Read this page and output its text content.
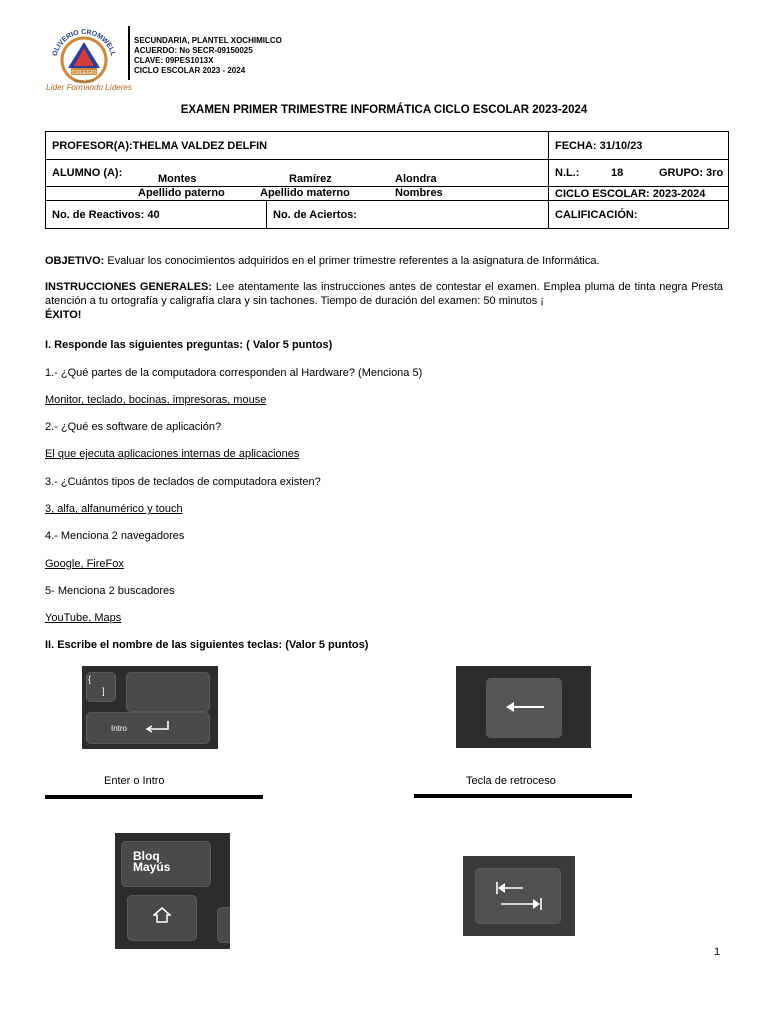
OLIVERIO CROMWELL
COLEGIO
Since 1970
Líder Formando Líderes
SECUNDARIA, PLANTEL XOCHIMILCO
ACUERDO: No SECR-09150025
CLAVE: 09PES1013X
CICLO ESCOLAR 2023 - 2024
EXAMEN PRIMER TRIMESTRE INFORMÁTICA CICLO ESCOLAR 2023-2024
PROFESOR(A):THELMA VALDEZ DELFIN		FECHA: 31/10/23
ALUMNO (A): Montes Ramírez Alondra		N.L.: 18 GRUPO: 3ro

Apellido paterno Apellido materno Nombres		CICLO ESCOLAR: 2023-2024
No. de Reactivos: 40	No. de Aciertos:	CALIFICACIÓN:
OBJETIVO: Evaluar los conocimientos adquiridos en el primer trimestre referentes a la asignatura de Informática.
INSTRUCCIONES GENERALES: Lee atentamente las instrucciones antes de contestar el examen. Emplea pluma de tinta negra Presta atención a tu ortografía y caligrafía clara y sin tachones. Tiempo de duración del examen: 50 minutos ¡
ÉXITO!
I. Responde las siguientes preguntas: ( Valor 5 puntos)
1.- ¿Qué partes de la computadora corresponden al Hardware? (Menciona 5)
Monitor, teclado, bocinas, impresoras, mouse
2.- ¿Qué es software de aplicación?
El que ejecuta aplicaciones internas de aplicaciones
3.- ¿Cuántos tipos de teclados de computadora existen?
3, alfa, alfanumérico y touch
4.- Menciona 2 navegadores
Google, FireFox
5- Menciona 2 buscadores
YouTube, Maps
II. Escribe el nombre de las siguientes teclas: (Valor 5 puntos)
{
]
Intro
Enter o Intro	Tecla de retroceso
Bloq
Mayús
1
